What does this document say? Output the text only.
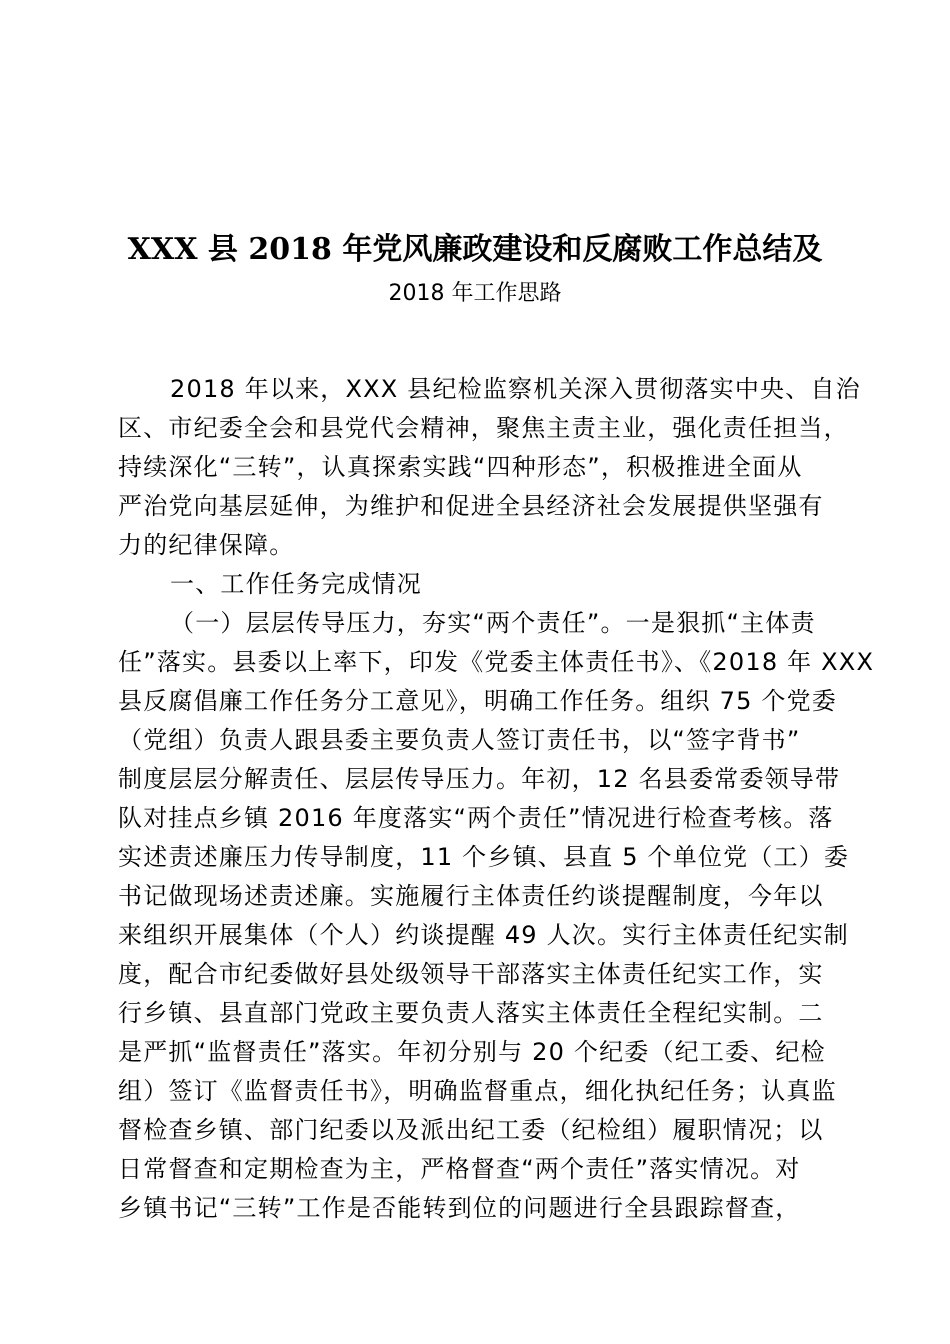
XXX 县 2018 年党风廉政建设和反腐败工作总结及
2018 年工作思路
2018 年以来，XXX 县纪检监察机关深入贯彻落实中央、自治
区、市纪委全会和县党代会精神，聚焦主责主业，强化责任担当，
持续深化“三转”，认真探索实践“四种形态”，积极推进全面从
严治党向基层延伸，为维护和促进全县经济社会发展提供坚强有
力的纪律保障。
一、工作任务完成情况
（一）层层传导压力，夯实“两个责任”。一是狠抓“主体责
任”落实。县委以上率下，印发《党委主体责任书》、《2018 年 XXX
县反腐倡廉工作任务分工意见》，明确工作任务。组织 75 个党委
（党组）负责人跟县委主要负责人签订责任书，以“签字背书”
制度层层分解责任、层层传导压力。年初，12 名县委常委领导带
队对挂点乡镇 2016 年度落实“两个责任”情况进行检查考核。落
实述责述廉压力传导制度，11 个乡镇、县直 5 个单位党（工）委
书记做现场述责述廉。实施履行主体责任约谈提醒制度，今年以
来组织开展集体（个人）约谈提醒 49 人次。实行主体责任纪实制
度，配合市纪委做好县处级领导干部落实主体责任纪实工作，实
行乡镇、县直部门党政主要负责人落实主体责任全程纪实制。二
是严抓“监督责任”落实。年初分别与 20 个纪委（纪工委、纪检
组）签订《监督责任书》，明确监督重点，细化执纪任务；认真监
督检查乡镇、部门纪委以及派出纪工委（纪检组）履职情况；以
日常督查和定期检查为主，严格督查“两个责任”落实情况。对
乡镇书记“三转”工作是否能转到位的问题进行全县跟踪督查，
